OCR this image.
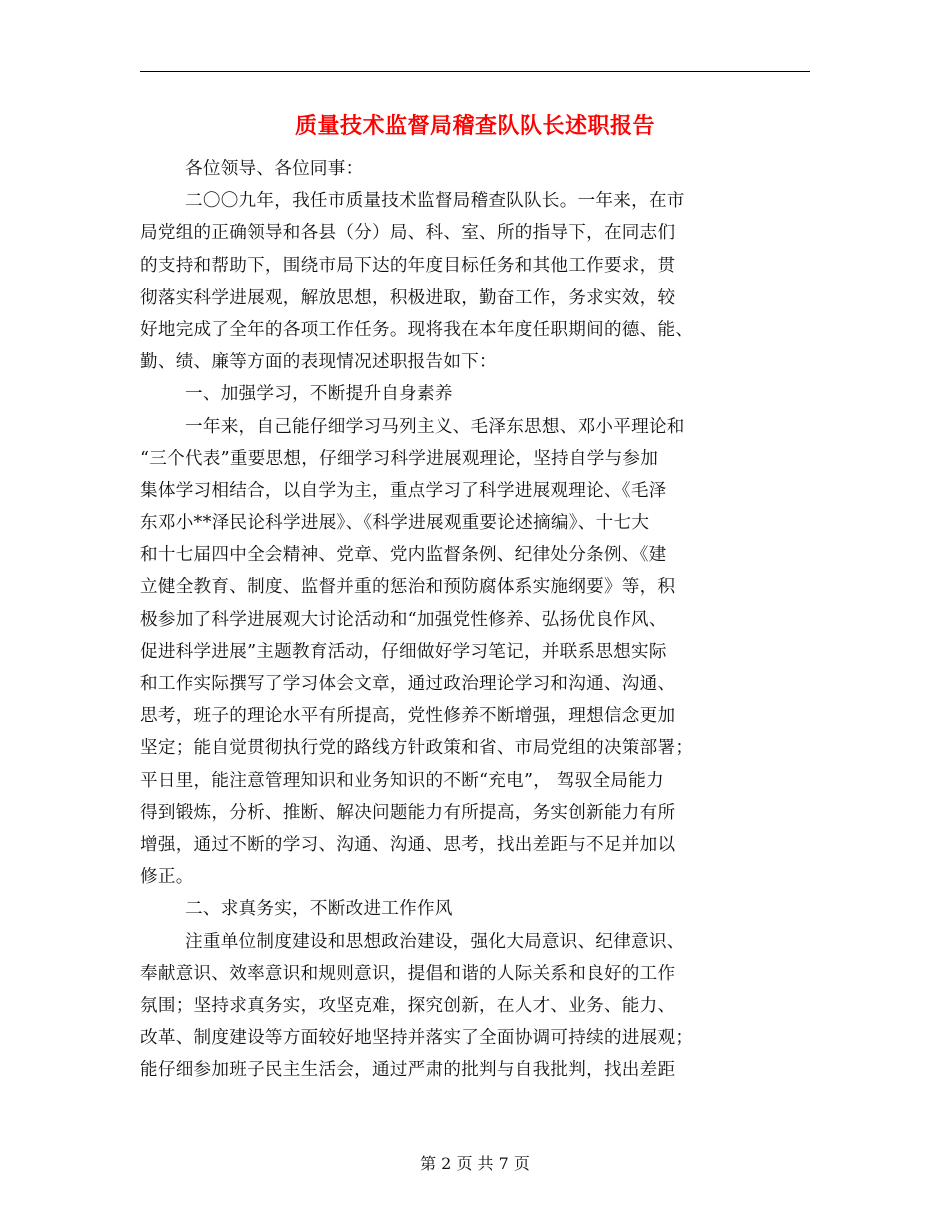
质量技术监督局稽查队队长述职报告
各位领导、各位同事：
二〇〇九年，我任市质量技术监督局稽查队队长。一年来，在市
局党组的正确领导和各县（分）局、科、室、所的指导下，在同志们
的支持和帮助下，围绕市局下达的年度目标任务和其他工作要求，贯
彻落实科学进展观，解放思想，积极进取，勤奋工作，务求实效，较
好地完成了全年的各项工作任务。现将我在本年度任职期间的德、能、
勤、绩、廉等方面的表现情况述职报告如下：
一、加强学习，不断提升自身素养
一年来，自己能仔细学习马列主义、毛泽东思想、邓小平理论和
“三个代表”重要思想，仔细学习科学进展观理论，坚持自学与参加
集体学习相结合，以自学为主，重点学习了科学进展观理论、《毛泽
东邓小**泽民论科学进展》、《科学进展观重要论述摘编》、十七大
和十七届四中全会精神、党章、党内监督条例、纪律处分条例、《建
立健全教育、制度、监督并重的惩治和预防腐体系实施纲要》等，积
极参加了科学进展观大讨论活动和“加强党性修养、弘扬优良作风、
促进科学进展”主题教育活动，仔细做好学习笔记，并联系思想实际
和工作实际撰写了学习体会文章，通过政治理论学习和沟通、沟通、
思考，班子的理论水平有所提高，党性修养不断增强，理想信念更加
坚定；能自觉贯彻执行党的路线方针政策和省、市局党组的决策部署；
平日里，能注意管理知识和业务知识的不断“充电”， 驾驭全局能力
得到锻炼，分析、推断、解决问题能力有所提高，务实创新能力有所
增强，通过不断的学习、沟通、沟通、思考，找出差距与不足并加以
修正。
二、求真务实，不断改进工作作风
注重单位制度建设和思想政治建设，强化大局意识、纪律意识、
奉献意识、效率意识和规则意识，提倡和谐的人际关系和良好的工作
氛围；坚持求真务实，攻坚克难，探究创新，在人才、业务、能力、
改革、制度建设等方面较好地坚持并落实了全面协调可持续的进展观；
能仔细参加班子民主生活会，通过严肃的批判与自我批判，找出差距
第 2 页 共 7 页
